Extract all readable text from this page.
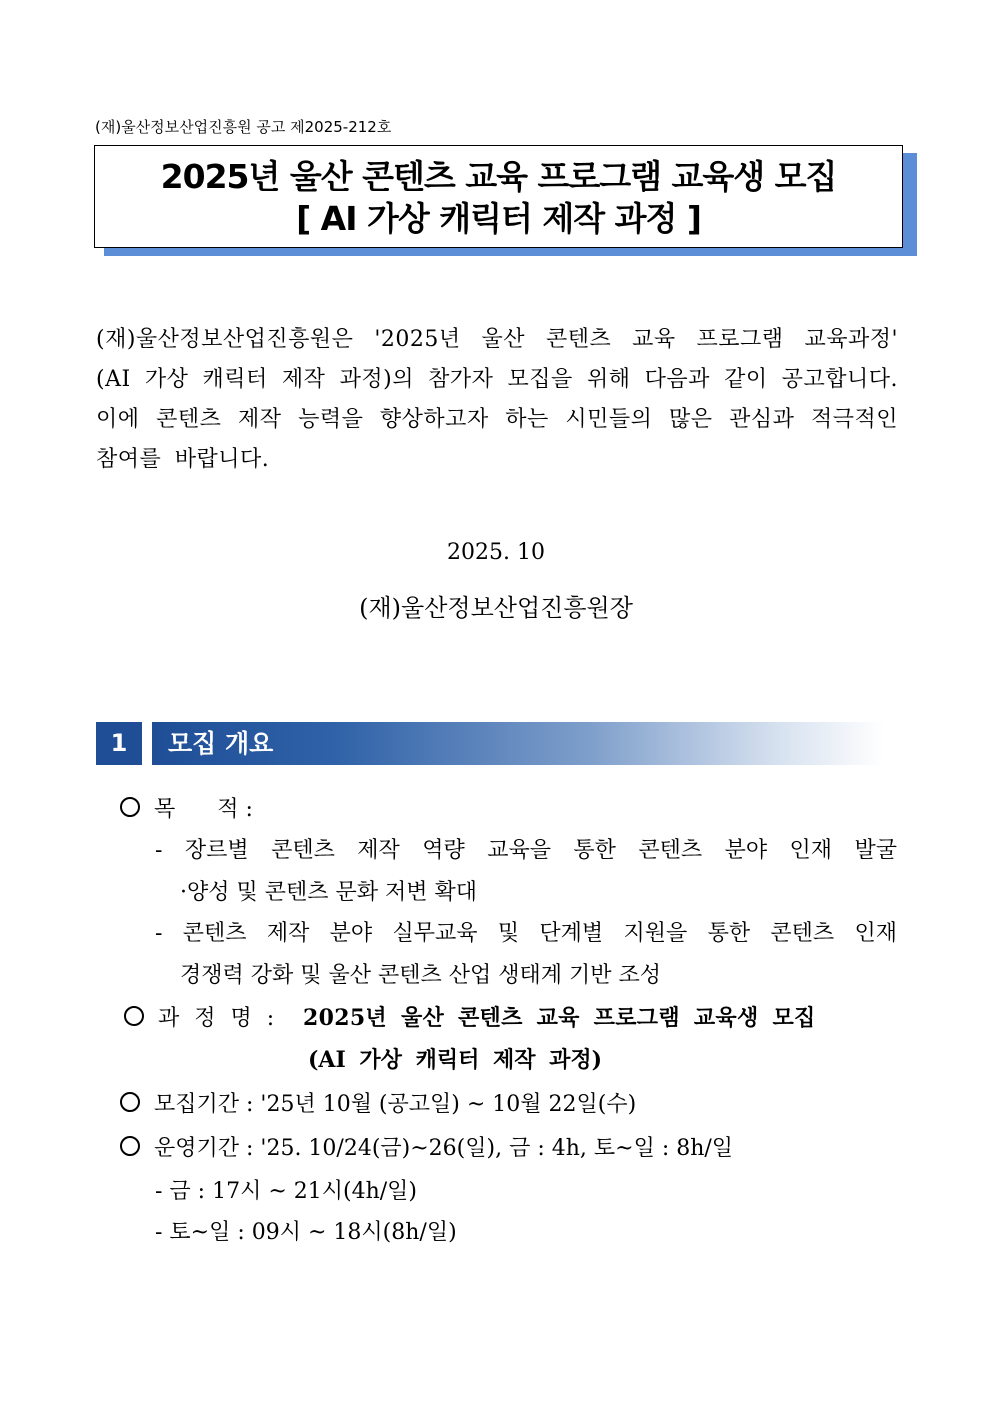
(재)울산정보산업진흥원 공고 제2025-212호
2025년 울산 콘텐츠 교육 프로그램 교육생 모집
[ AI 가상 캐릭터 제작 과정 ]
(재)울산정보산업진흥원은 '2025년 울산 콘텐츠 교육 프로그램 교육과정' (AI 가상 캐릭터 제작 과정)의 참가자 모집을 위해 다음과 같이 공고합니다. 이에 콘텐츠 제작 능력을 향상하고자 하는 시민들의 많은 관심과 적극적인 참여를 바랍니다.
2025. 10
(재)울산정보산업진흥원장
1	모집 개요
목      적 :
- 장르별 콘텐츠 제작 역량 교육을 통한 콘텐츠 분야 인재 발굴
·양성 및 콘텐츠 문화 저변 확대
- 콘텐츠 제작 분야 실무교육 및 단계별 지원을 통한 콘텐츠 인재
경쟁력 강화 및 울산 콘텐츠 산업 생태계 기반 조성
과 정 명 : 2025년 울산 콘텐츠 교육 프로그램 교육생 모집
(AI 가상 캐릭터 제작 과정)
모집기간 : '25년 10월 (공고일) ~ 10월 22일(수)
운영기간 : '25. 10/24(금)~26(일), 금 : 4h, 토~일 : 8h/일
- 금 : 17시 ~ 21시(4h/일)
- 토~일 : 09시 ~ 18시(8h/일)
